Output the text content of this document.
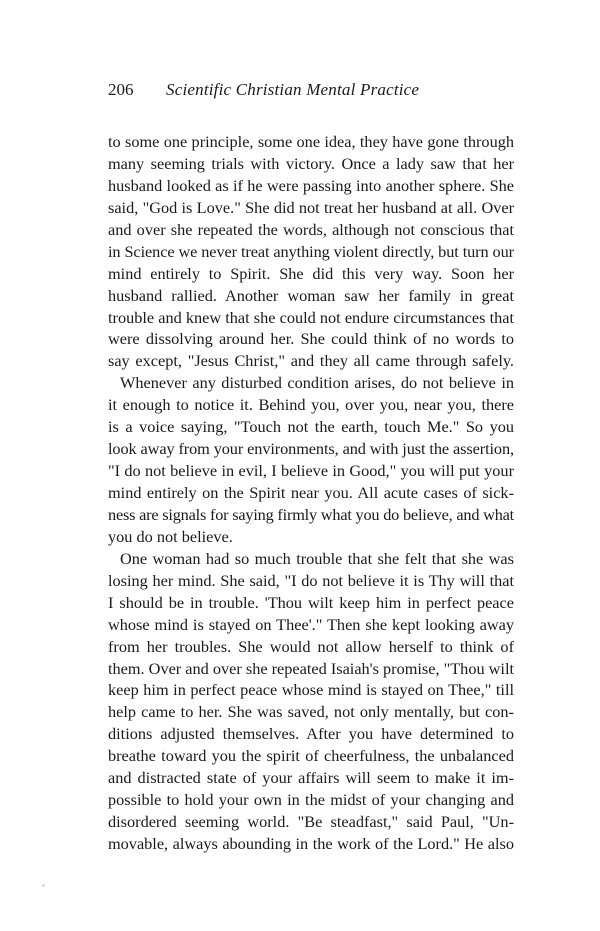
206	Scientific Christian Mental Practice
to some one principle, some one idea, they have gone through
many seeming trials with victory. Once a lady saw that her
husband looked as if he were passing into another sphere. She
said, "God is Love." She did not treat her husband at all. Over
and over she repeated the words, although not conscious that
in Science we never treat anything violent directly, but turn our
mind entirely to Spirit. She did this very way. Soon her
husband rallied. Another woman saw her family in great
trouble and knew that she could not endure circumstances that
were dissolving around her. She could think of no words to
say except, "Jesus Christ," and they all came through safely.
Whenever any disturbed condition arises, do not believe in
it enough to notice it. Behind you, over you, near you, there
is a voice saying, "Touch not the earth, touch Me." So you
look away from your environments, and with just the assertion,
"I do not believe in evil, I believe in Good," you will put your
mind entirely on the Spirit near you. All acute cases of sick-
ness are signals for saying firmly what you do believe, and what
you do not believe.
One woman had so much trouble that she felt that she was
losing her mind. She said, "I do not believe it is Thy will that
I should be in trouble. 'Thou wilt keep him in perfect peace
whose mind is stayed on Thee'." Then she kept looking away
from her troubles. She would not allow herself to think of
them. Over and over she repeated Isaiah's promise, "Thou wilt
keep him in perfect peace whose mind is stayed on Thee," till
help came to her. She was saved, not only mentally, but con-
ditions adjusted themselves. After you have determined to
breathe toward you the spirit of cheerfulness, the unbalanced
and distracted state of your affairs will seem to make it im-
possible to hold your own in the midst of your changing and
disordered seeming world. "Be steadfast," said Paul, "Un-
movable, always abounding in the work of the Lord." He also
